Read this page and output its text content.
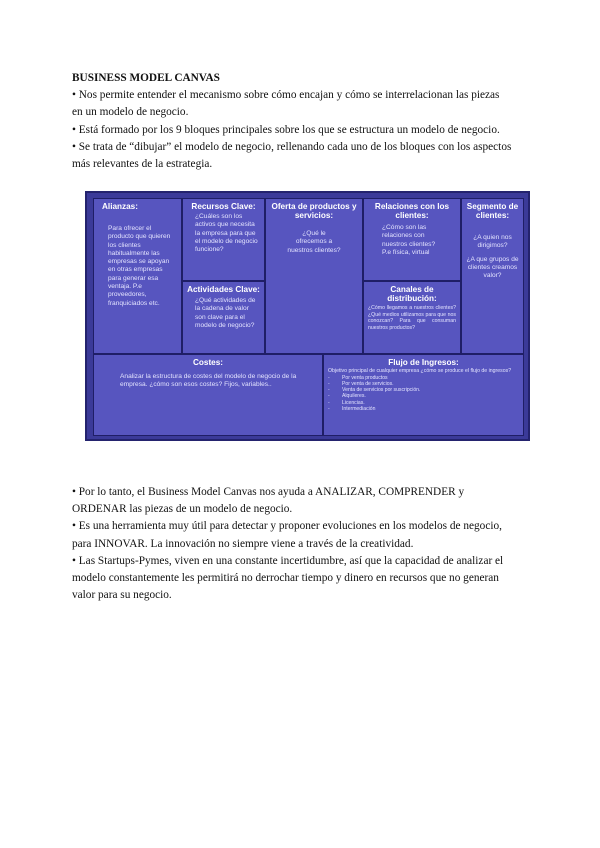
BUSINESS MODEL CANVAS

• Nos permite entender el mecanismo sobre cómo encajan y cómo se interrelacionan las piezas en un modelo de negocio.

• Está formado por los 9 bloques principales sobre los que se estructura un modelo de negocio.

• Se trata de “dibujar” el modelo de negocio, rellenando cada uno de los bloques con los aspectos más relevantes de la estrategia.

Alianzas:
Para ofrecer el producto que quieren los clientes habitualmente las empresas se apoyan en otras empresas para generar esa ventaja. P.e proveedores, franquiciados etc.
Recursos Clave:
¿Cuáles son los activos que necesita la empresa para que el modelo de negocio funcione?
Actividades Clave:
¿Qué actividades de la cadena de valor son clave para el modelo de negocio?
Oferta de productos y servicios:
¿Qué le ofrecemos a nuestros clientes?
Relaciones con los clientes:
¿Cómo son las relaciones con nuestros clientes? P.e física, virtual
Canales de distribución:
¿Cómo llegamos a nuestros clientes? ¿Qué medios utilizamos para que nos conozcan? Para que consuman nuestros productos?
Segmento de clientes:

¿A quien nos dirigimos?

¿A que grupos de clientes creamos valor?

Costes:
Analizar la estructura de costes del modelo de negocio de la empresa. ¿cómo son esos costes? Fijos, variables..
Flujo de Ingresos:
Objetivo principal de cualquier empresa ¿cómo se produce el flujo de ingresos?
- Por venta productos
- Por venta de servicios.
- Venta de servicios por suscripción.
- Alquileres.
- Licencias.
- Intermediación

• Por lo tanto, el Business Model Canvas nos ayuda a ANALIZAR, COMPRENDER y ORDENAR las piezas de un modelo de negocio.

• Es una herramienta muy útil para detectar y proponer evoluciones en los modelos de negocio, para INNOVAR. La innovación no siempre viene a través de la creatividad.

• Las Startups-Pymes, viven en una constante incertidumbre, así que la capacidad de analizar el modelo constantemente les permitirá no derrochar tiempo y dinero en recursos que no generan valor para su negocio.
